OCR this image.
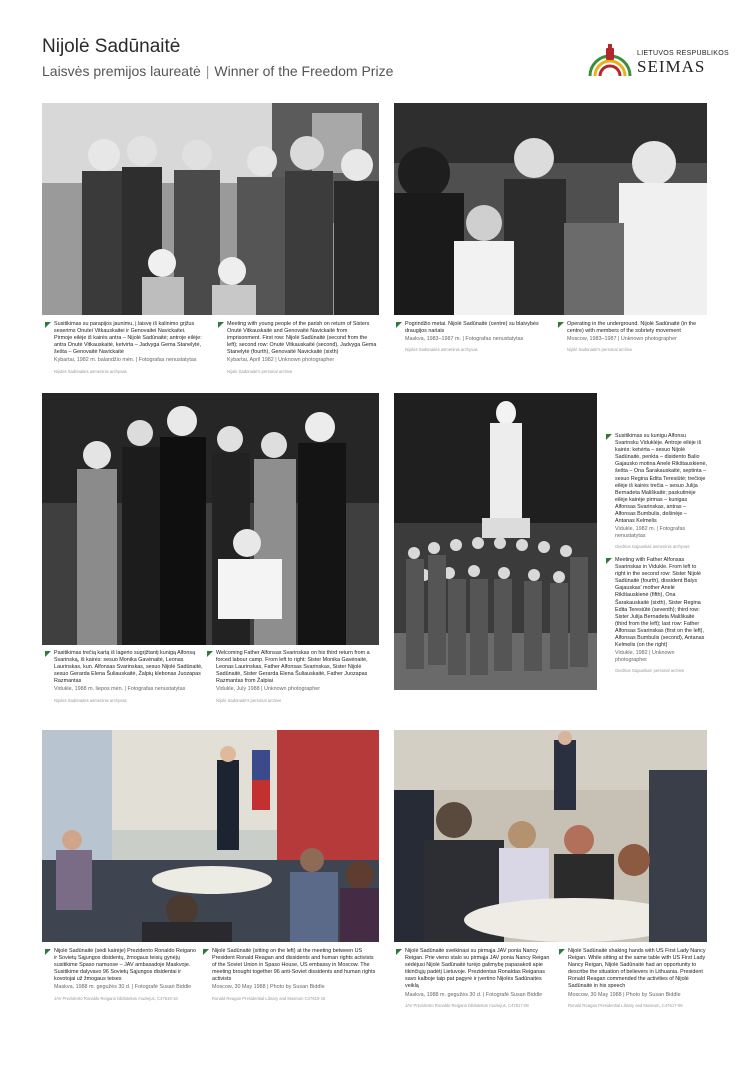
Nijolė Sadūnaitė
Laisvės premijos laureatė | Winner of the Freedom Prize
LIETUVOS RESPUBLIKOS
SEIMAS
Susitikimas su parapijos jaunimu, į laisvę iš kalinimo grįžus seserims Onutei Vitkauskaitei ir Genovaitei Navickaitei. Pirmoje eilėje iš kairės antra – Nijolė Sadūnaitė; antroje eilėje: antra Onutė Vitkauskaitė, ketvirta – Jadvyga Gema Stanelytė, šešta – Genovaitė Navickaitė
Kybartai, 1982 m. balandžio mėn. | Fotografas nenustatytas
Nijolės Sadūnaitės asmeninis archyvas
Meeting with young people of the parish on return of Sisters Onutė Vitkauskaitė and Genovaitė Navickaitė from imprisonment. First row: Nijolė Sadūnaitė (second from the left); second row: Onutė Vitkauskaitė (second), Jadvyga Gema Stanelytė (fourth), Genovaitė Navickaitė (sixth)
Kybartai, April 1982 | Unknown photographer
Nijolė Sadūnaitė's personal archive
Pogrindžio metai. Nijolė Sadūnaitė (centre) su blaivybės draugijos nariais
Maskva, 1983–1987 m. | Fotografas nenustatytas
Nijolės Sadūnaitės asmeninis archyvas
Operating in the underground. Nijolė Sadūnaitė (in the centre) with members of the sobriety movement
Moscow, 1983–1987 | Unknown photographer
Nijolė Sadūnaitė's personal archive
Pasitikimas trečią kartą iš lagerio sugrįžtantį kunigą Alfonsą Svarinską, iš kairės: sesuo Monika Gavénaitė, Leonas Laurinskas, kun. Alfonsas Svarinskas, sesuo Nijolė Sadūnaitė, sesuo Gerarda Elena Šuliauskaitė, Žalpių klebonas Juozapas Razmantas
Vidukle, 1988 m. liepos mėn. | Fotografas nenustatytas
Nijolės Sadūnaitės asmeninis archyvas
Welcoming Father Alfonsas Svarinskas on his third return from a forced labour camp. From left to right: Sister Monika Gavénaitė, Leonas Laurinskas, Father Alfonsas Svarinskas, Sister Nijolė Sadūnaitė, Sister Gerarda Elena Šuliauskaitė, Father Juozapas Razmantas from Žalpiai
Vidukle, July 1988 | Unknown photographer
Nijolė Sadūnaitė's personal archive
Susitikimas su kunigu Alfonsu Svarinsku Viduklėje. Antroje eilėje iš kairės: ketvirta – sesuo Nijolė Sadūnaitė, penkta – disidento Balio Gajausko motina Anelė Rikštauskienė, šešta – Ona Šarakauskaitė, septinta – sesuo Regina Edita Teresiūtė; trečioje eilėje iš kairės trečia – sesuo Julija Bernadeta Mališkaitė; paskutinėje eilėje kairėje pirmas – kunigas Alfonsas Svarinskas, antras – Alfonsas Bumbulis, dešinėje – Antanas Kelmelis
Vidukle, 1982 m. | Fotografas nenustatytas
Giedrius Gajauskas asmeninis archyvas
Meeting with Father Alfonsas Svarinskas in Vidukle. From left to right in the second row: Sister Nijolė Sadūnaitė (fourth), dissident Balys Gajauskas' mother Anelė Rikštauskienė (fifth), Ona Šarakauskaitė (sixth), Sister Regina Edita Teresiūtė (seventh); third row: Sister Julija Bernadeta Mališkaitė (third from the left); last row: Father Alfonsas Svarinskas (first on the left), Alfonsas Bumbulis (second), Antanas Kelmelis (on the right)
Vidukle, 1982 | Unknown photographer
Giedrius Gajauskas' personal archive
Nijolė Sadūnaitė (sėdi kairėje) Prezidento Ronaldo Reigano ir Sovietų Sąjungos disidentų, žmogaus teisių gynėjų susitikime Spaso namuose – JAV ambasadoje Maskvoje. Susitikime dalyvavo 96 Sovietų Sąjungos disidentai ir kovotojai už žmogaus teises
Maskva, 1988 m. gegužės 30 d. | Fotografė Susan Biddle
JAV Prezidento Ronaldo Reigano bibliotekos muziejus, C47619-16
Nijolė Sadūnaitė (sitting on the left) at the meeting between US President Ronald Reagan and dissidents and human rights activists of the Soviet Union in Spaso House, US embassy in Moscow. The meeting brought together 96 anti-Soviet dissidents and human rights activists
Moscow, 30 May 1988 | Photo by Susan Biddle
Ronald Reagan Presidential Library and Museum C47619-16
Nijolė Sadūnaitė sveikinasi su pirmąja JAV ponia Nancy Reigan. Prie vieno stalo su pirmąja JAV ponia Nancy Reigan sėdėjusi Nijolė Sadūnaitė turėjo galimybę papasakoti apie tikinčiųjų padėtį Lietuvoje. Prezidentas Ronaldas Reiganas savo kalboje taip pat pagyrė ir įvertino Nijolės Sadūnaitės veiklą
Maskva, 1988 m. gegužės 30 d. | Fotografė Susan Biddle
JAV Prezidento Ronaldo Reigano bibliotekos muziejus, C47617-08
Nijolė Sadūnaitė shaking hands with US First Lady Nancy Reigan. While sitting at the same table with US First Lady Nancy Reigan, Nijolė Sadūnaitė had an opportunity to describe the situation of believers in Lithuania. President Ronald Reagan commended the activities of Nijolė Sadūnaitė in his speech
Moscow, 30 May 1988 | Photo by Susan Biddle
Ronald Reagan Presidential Library and Museum, C47617-08
